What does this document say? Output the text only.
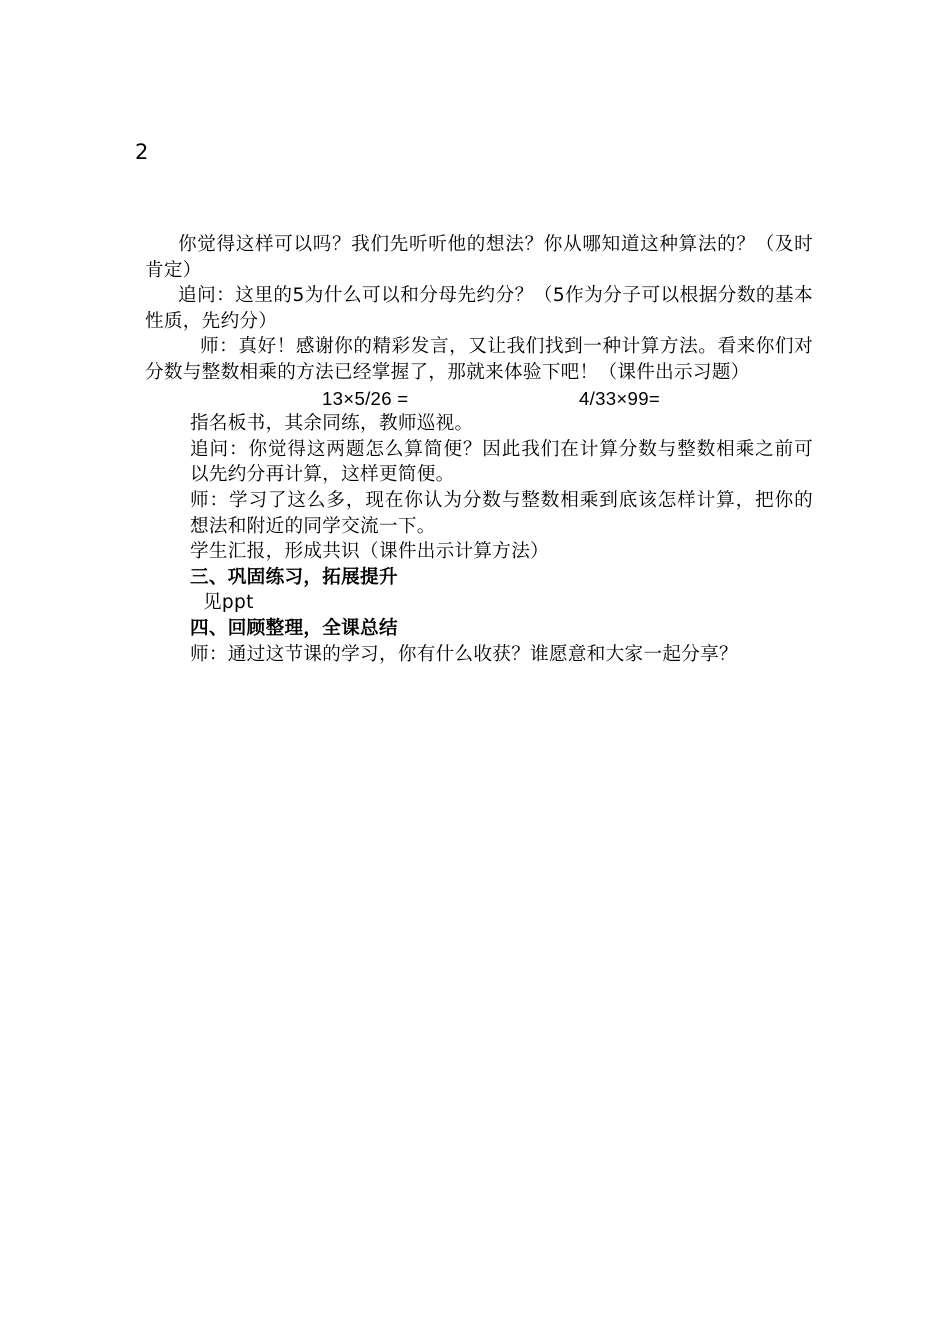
2

你觉得这样可以吗？我们先听听他的想法？你从哪知道这种算法的？（及时肯定）

追问：这里的5为什么可以和分母先约分？（5作为分子可以根据分数的基本性质，先约分）

师：真好！感谢你的精彩发言，又让我们找到一种计算方法。看来你们对分数与整数相乘的方法已经掌握了，那就来体验下吧！（课件出示习题）

13×5/26 =	4/33×99=

指名板书，其余同练，教师巡视。

追问：你觉得这两题怎么算简便？因此我们在计算分数与整数相乘之前可以先约分再计算，这样更简便。

师：学习了这么多，现在你认为分数与整数相乘到底该怎样计算，把你的想法和附近的同学交流一下。

学生汇报，形成共识（课件出示计算方法）

三、巩固练习，拓展提升

见ppt

四、回顾整理，全课总结

师：通过这节课的学习，你有什么收获？谁愿意和大家一起分享？
